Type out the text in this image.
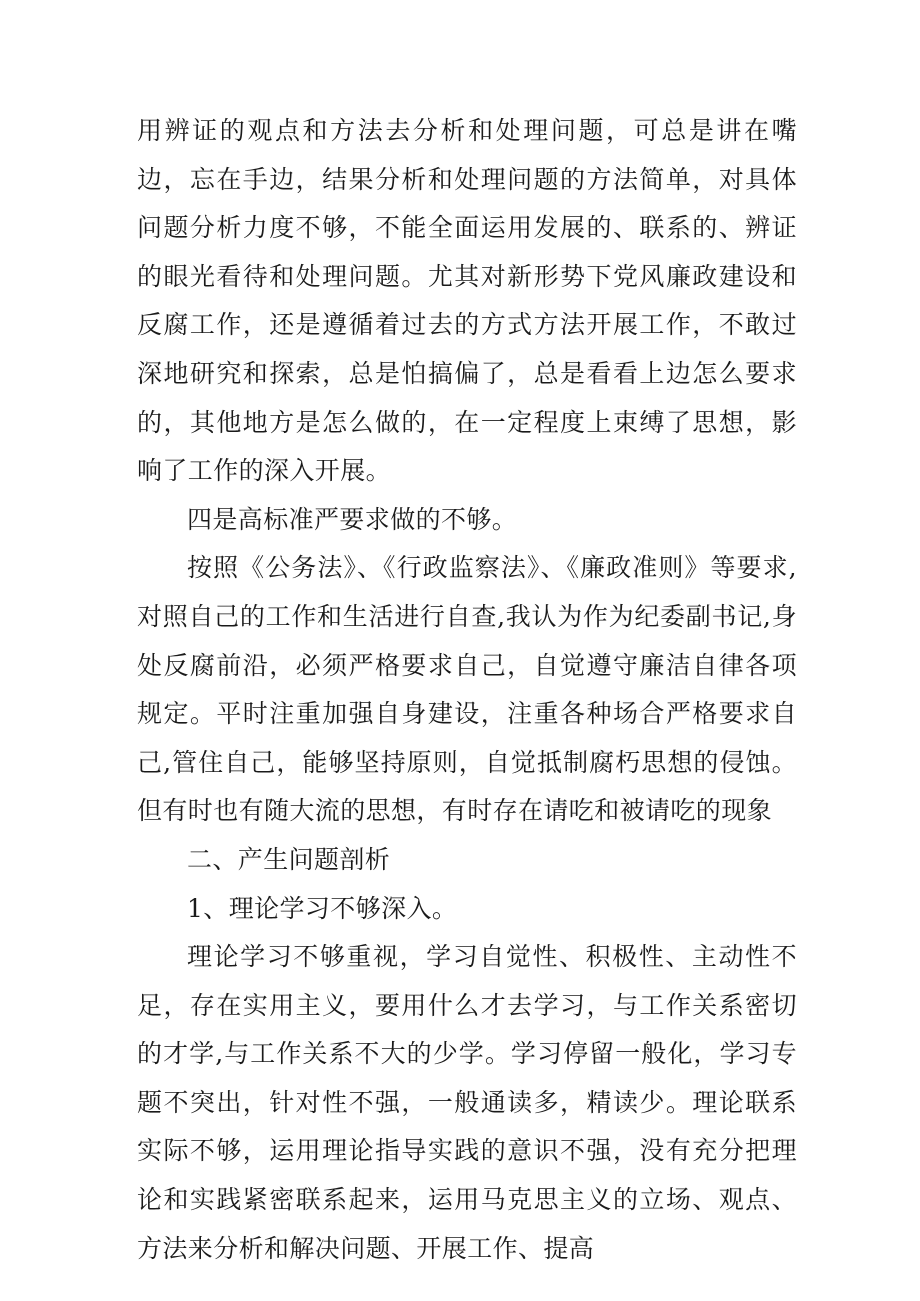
用辨证的观点和方法去分析和处理问题，可总是讲在嘴边，忘在手边，结果分析和处理问题的方法简单，对具体问题分析力度不够，不能全面运用发展的、联系的、辨证的眼光看待和处理问题。尤其对新形势下党风廉政建设和反腐工作，还是遵循着过去的方式方法开展工作，不敢过深地研究和探索，总是怕搞偏了，总是看看上边怎么要求的，其他地方是怎么做的，在一定程度上束缚了思想，影响了工作的深入开展。

四是高标准严要求做的不够。

按照《公务法》、《行政监察法》、《廉政准则》等要求,对照自己的工作和生活进行自查,我认为作为纪委副书记,身处反腐前沿，必须严格要求自己，自觉遵守廉洁自律各项规定。平时注重加强自身建设，注重各种场合严格要求自己,管住自己，能够坚持原则，自觉抵制腐朽思想的侵蚀。但有时也有随大流的思想，有时存在请吃和被请吃的现象

二、产生问题剖析

1、理论学习不够深入。

理论学习不够重视，学习自觉性、积极性、主动性不足，存在实用主义，要用什么才去学习，与工作关系密切的才学,与工作关系不大的少学。学习停留一般化，学习专题不突出，针对性不强，一般通读多，精读少。理论联系实际不够，运用理论指导实践的意识不强，没有充分把理论和实践紧密联系起来，运用马克思主义的立场、观点、方法来分析和解决问题、开展工作、提高
